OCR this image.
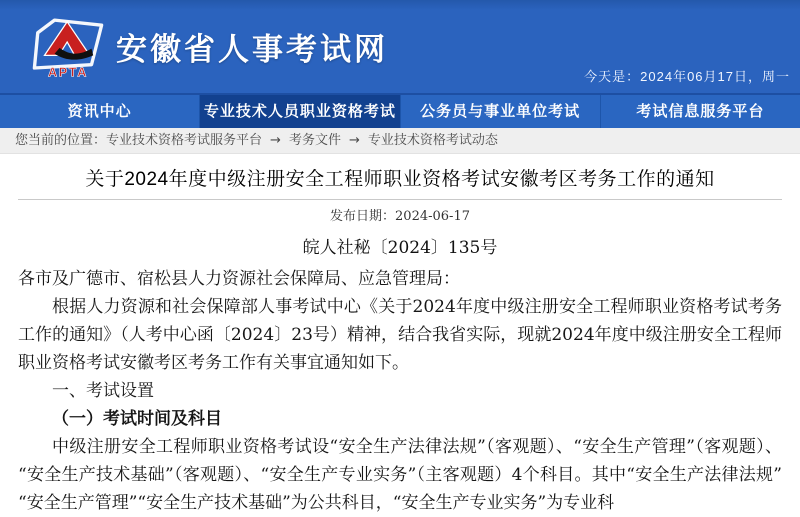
APTA
安徽省人事考试网
今天是：2024年06月17日，周一
资讯中心	专业技术人员职业资格考试	公务员与事业单位考试	考试信息服务平台
您当前的位置：专业技术资格考试服务平台 → 考务文件 → 专业技术资格考试动态
关于2024年度中级注册安全工程师职业资格考试安徽考区考务工作的通知
发布日期：2024-06-17
皖人社秘〔2024〕135号

各市及广德市、宿松县人力资源社会保障局、应急管理局：

根据人力资源和社会保障部人事考试中心《关于2024年度中级注册安全工程师职业资格考试考务工作的通知》（人考中心函〔2024〕23号）精神，结合我省实际，现就2024年度中级注册安全工程师职业资格考试安徽考区考务工作有关事宜通知如下。

一、考试设置

（一）考试时间及科目

中级注册安全工程师职业资格考试设“安全生产法律法规”（客观题）、“安全生产管理”（客观题）、“安全生产技术基础”（客观题）、“安全生产专业实务”（主客观题）4个科目。其中“安全生产法律法规”“安全生产管理”“安全生产技术基础”为公共科目，“安全生产专业实务”为专业科
